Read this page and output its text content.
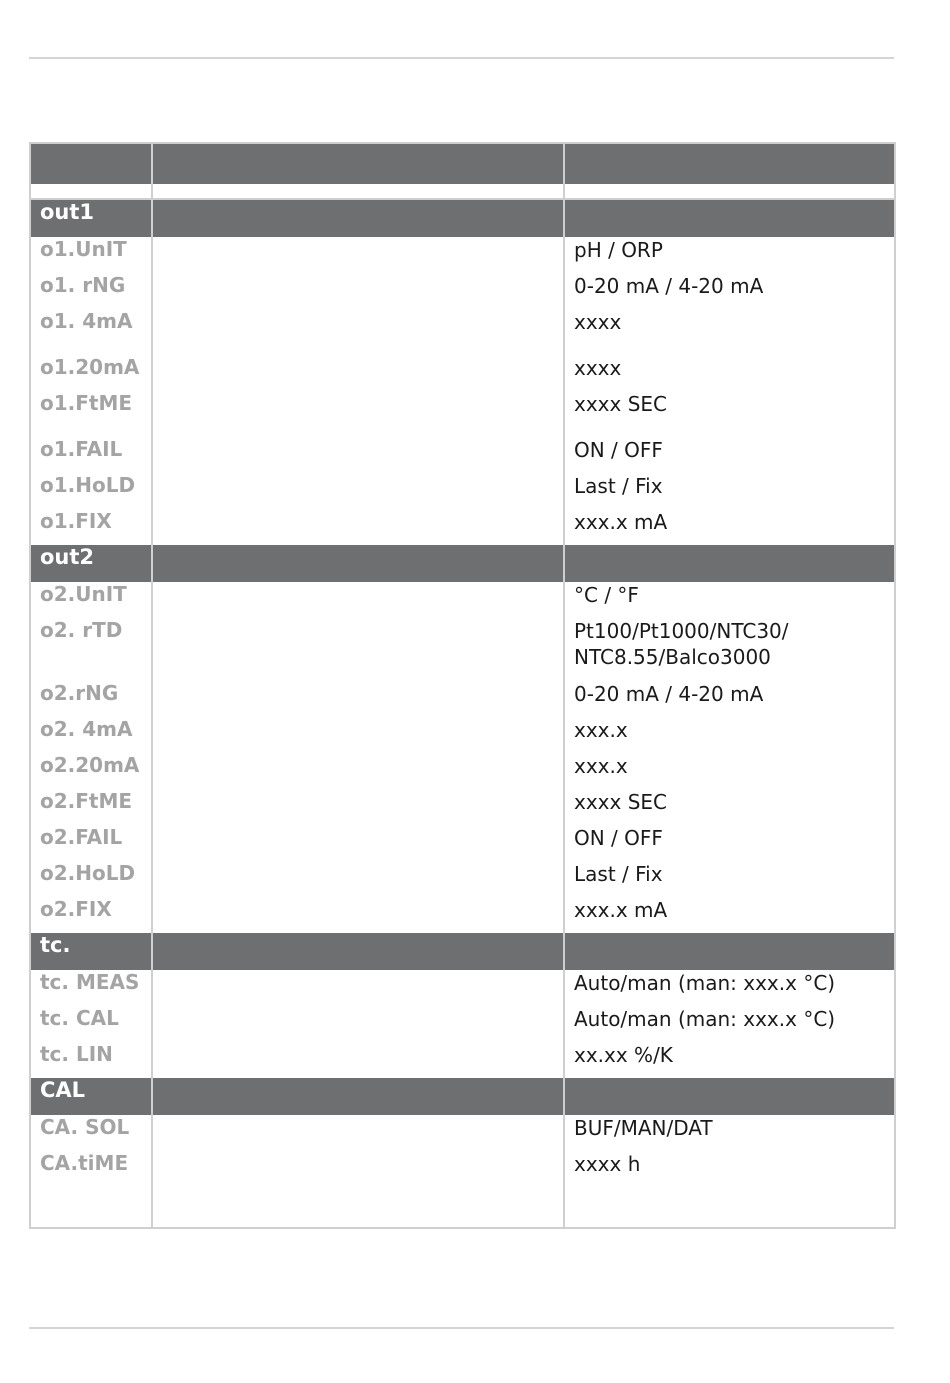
out1		
o1.UnIT		pH / ORP
o1. rNG		0-20 mA / 4-20 mA
o1. 4mA		xxxx
o1.20mA		xxxx
o1.FtME		xxxx SEC
o1.FAIL		ON / OFF
o1.HoLD		Last / Fix
o1.FIX		xxx.x mA
out2		
o2.UnIT		°C / °F
o2. rTD		Pt100/Pt1000/NTC30/
NTC8.55/Balco3000

o2.rNG		0-20 mA / 4-20 mA
o2. 4mA		xxx.x
o2.20mA		xxx.x
o2.FtME		xxxx SEC
o2.FAIL		ON / OFF
o2.HoLD		Last / Fix
o2.FIX		xxx.x mA
tc.		
tc. MEAS		Auto/man (man: xxx.x °C)
tc. CAL		Auto/man (man: xxx.x °C)
tc. LIN		xx.xx %/K
CAL		
CA. SOL		BUF/MAN/DAT
CA.tiME		xxxx h
